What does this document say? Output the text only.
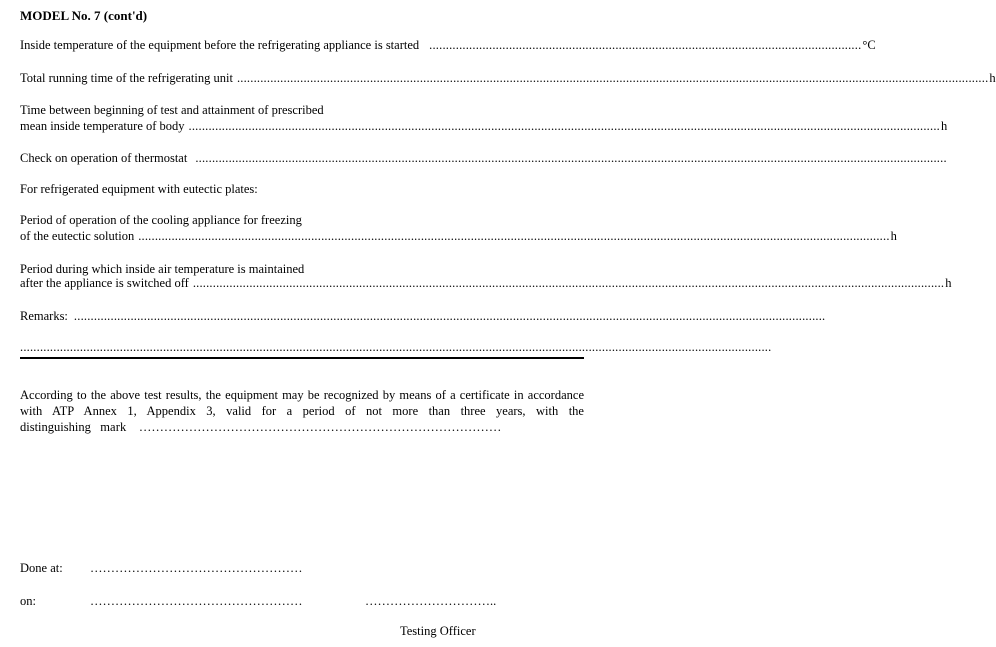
MODEL No. 7 (cont'd)
Inside temperature of the equipment before the refrigerating appliance is started .................................................................................................................................. °C
Total running time of the refrigerating unit .................................................................................................................................................................................................................................. h
Time between beginning of test and attainment of prescribed
mean inside temperature of body .................................................................................................................................................................................................................................. h
Check on operation of thermostat ..................................................................................................................................................................................................................................
For refrigerated equipment with eutectic plates:
Period of operation of the cooling appliance for freezing
of the eutectic solution .................................................................................................................................................................................................................................. h
Period during which inside air temperature is maintained
after the appliance is switched off .................................................................................................................................................................................................................................. h
Remarks: ..................................................................................................................................................................................................................................
..................................................................................................................................................................................................................................
According to the above test results, the equipment may be recognized by means of a certificate in accordance with ATP Annex 1, Appendix 3, valid for a period of not more than three years, with the distinguishing mark ……………………………………………………………………………
Done at: ……………………………………………
on:	……………………………………………	…………………………..
Testing Officer
